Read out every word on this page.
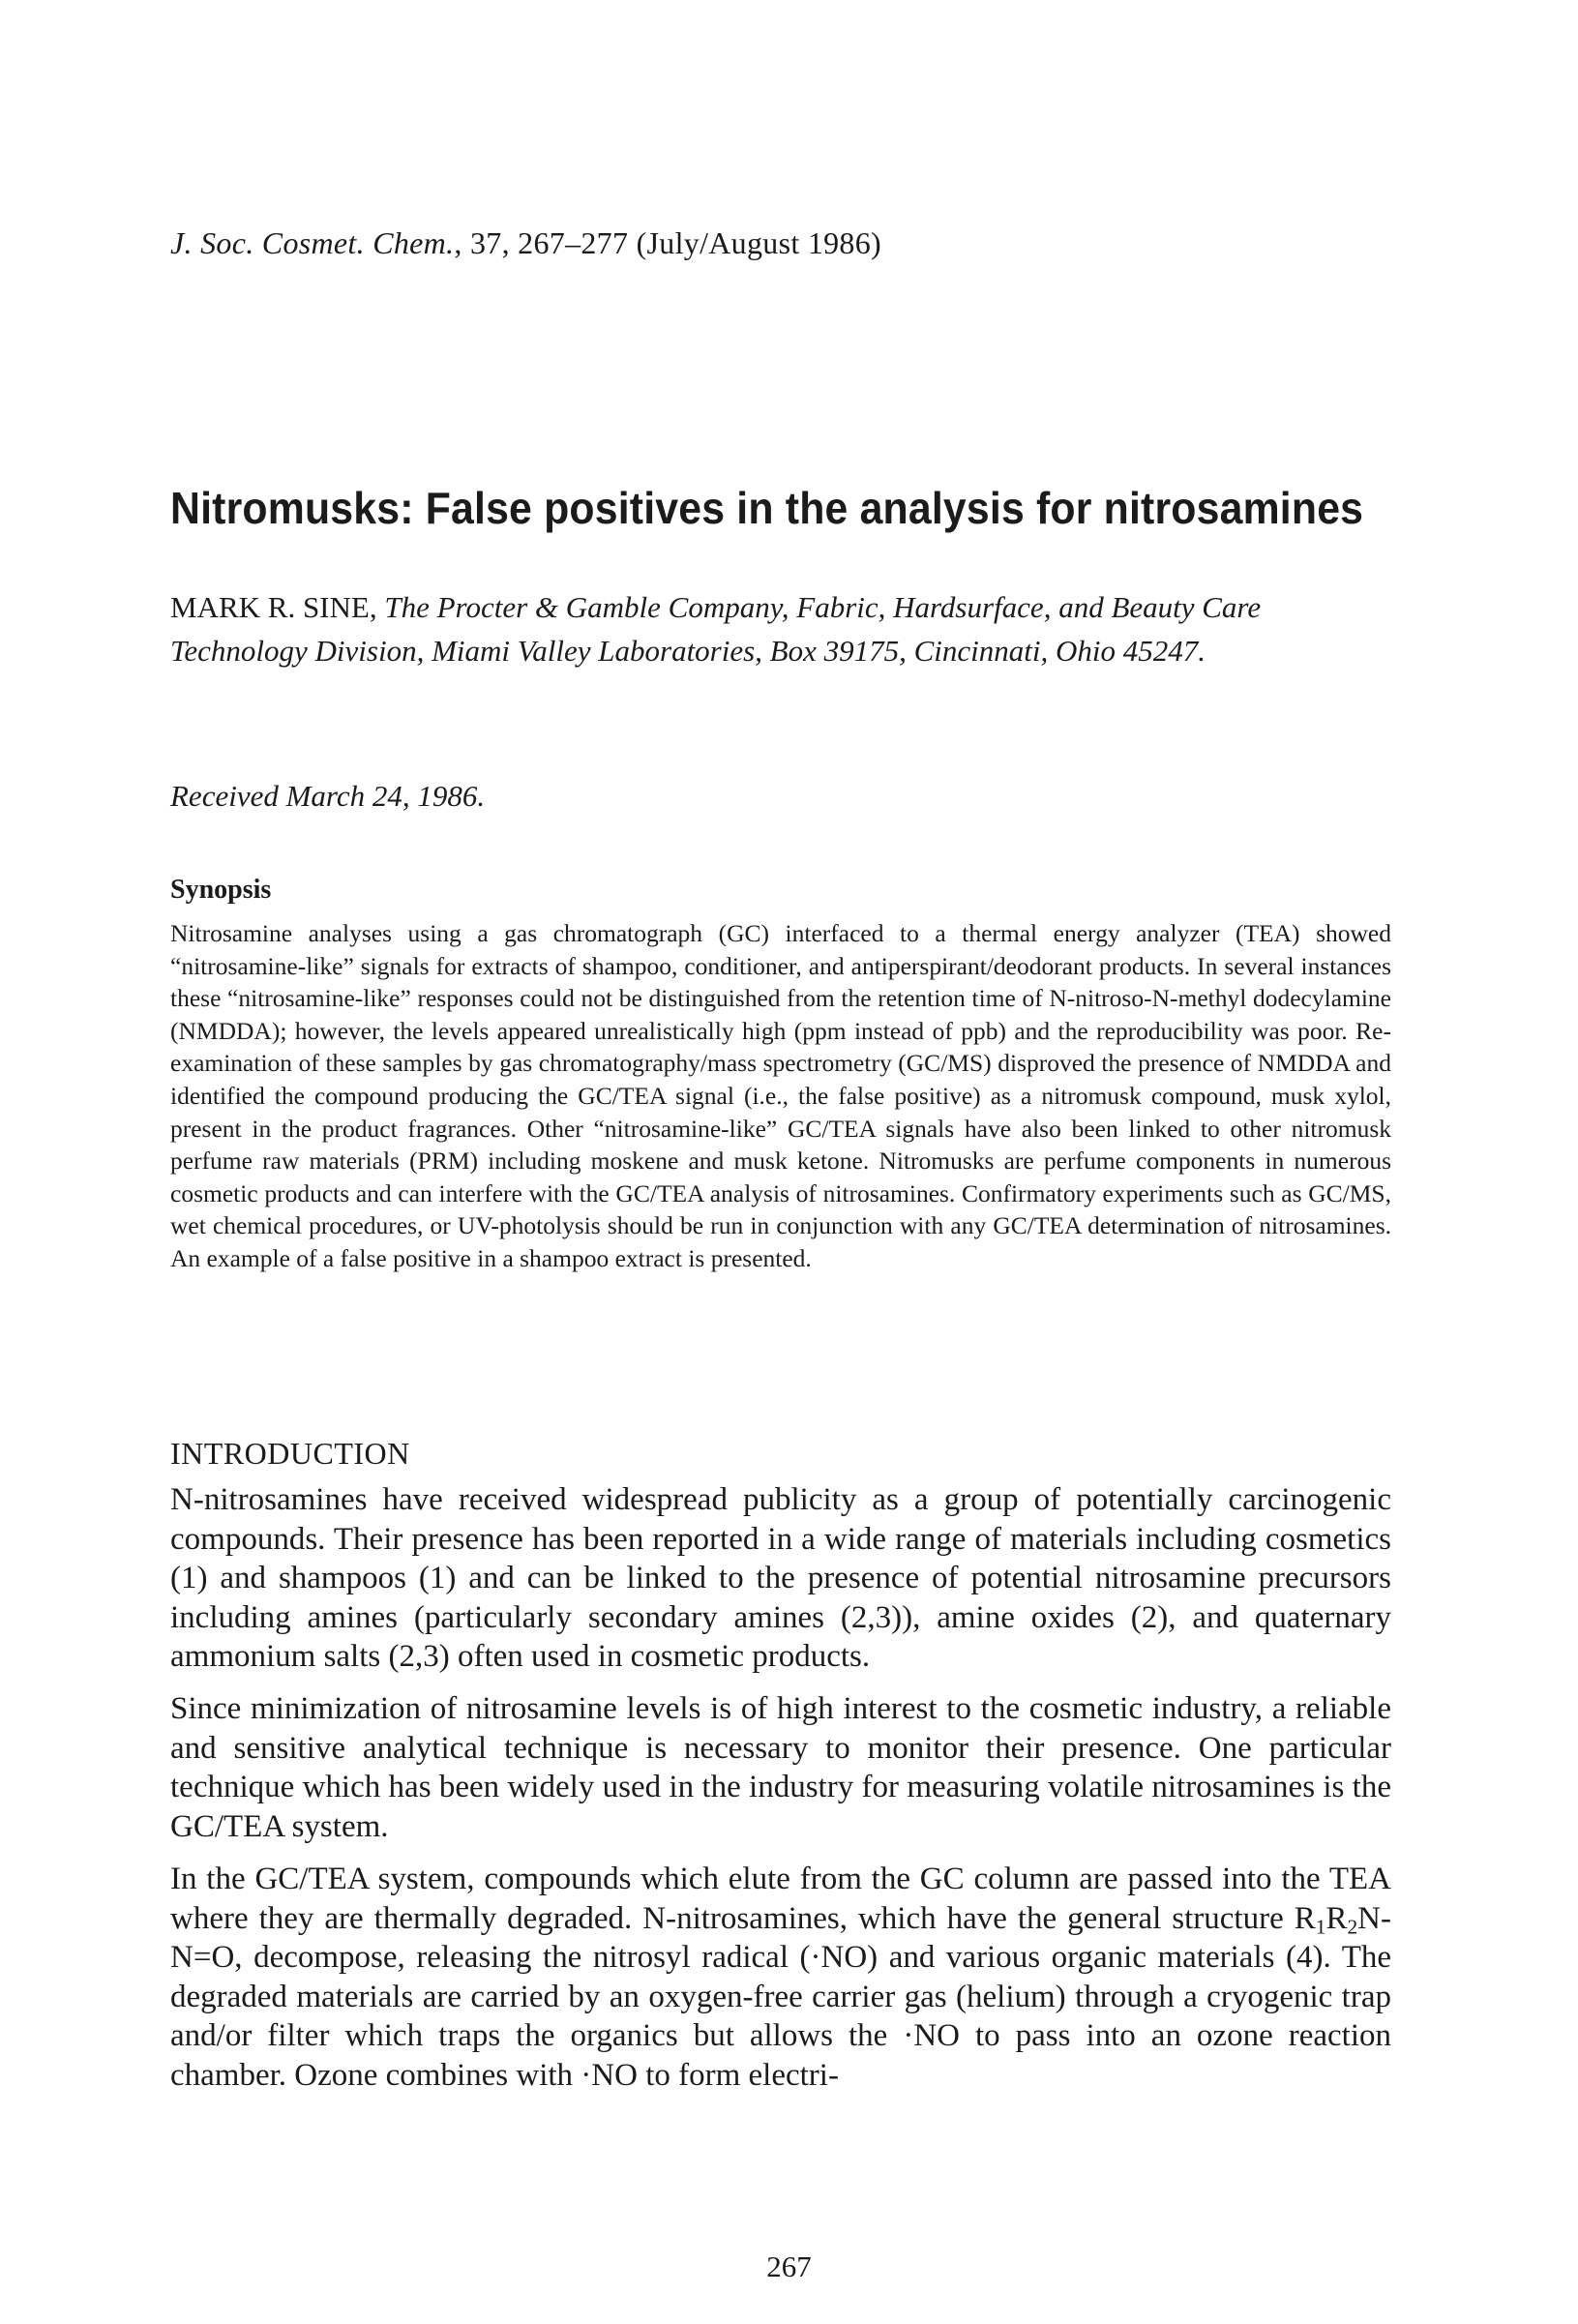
J. Soc. Cosmet. Chem., 37, 267–277 (July/August 1986)
Nitromusks: False positives in the analysis for nitrosamines
MARK R. SINE, The Procter & Gamble Company, Fabric, Hardsurface, and Beauty Care Technology Division, Miami Valley Laboratories, Box 39175, Cincinnati, Ohio 45247.
Received March 24, 1986.
Synopsis

Nitrosamine analyses using a gas chromatograph (GC) interfaced to a thermal energy analyzer (TEA) showed “nitrosamine-like” signals for extracts of shampoo, conditioner, and antiperspirant/deodorant products. In several instances these “nitrosamine-like” responses could not be distinguished from the retention time of N-nitroso-N-methyl dodecylamine (NMDDA); however, the levels appeared unrealistically high (ppm instead of ppb) and the reproducibility was poor. Re-examination of these samples by gas chromatography/mass spectrometry (GC/MS) disproved the presence of NMDDA and identified the compound producing the GC/TEA signal (i.e., the false positive) as a nitromusk compound, musk xylol, present in the product fragrances. Other “nitrosamine-like” GC/TEA signals have also been linked to other nitromusk perfume raw materials (PRM) including moskene and musk ketone. Nitromusks are perfume components in numerous cosmetic products and can interfere with the GC/TEA analysis of nitrosamines. Confirmatory experiments such as GC/MS, wet chemical procedures, or UV-photolysis should be run in conjunction with any GC/TEA determination of nitrosamines. An example of a false positive in a shampoo extract is presented.

INTRODUCTION

N-nitrosamines have received widespread publicity as a group of potentially carcinogenic compounds. Their presence has been reported in a wide range of materials including cosmetics (1) and shampoos (1) and can be linked to the presence of potential nitrosamine precursors including amines (particularly secondary amines (2,3)), amine oxides (2), and quaternary ammonium salts (2,3) often used in cosmetic products.

Since minimization of nitrosamine levels is of high interest to the cosmetic industry, a reliable and sensitive analytical technique is necessary to monitor their presence. One particular technique which has been widely used in the industry for measuring volatile nitrosamines is the GC/TEA system.

In the GC/TEA system, compounds which elute from the GC column are passed into the TEA where they are thermally degraded. N-nitrosamines, which have the general structure $R_1R_2N-N=O$, decompose, releasing the nitrosyl radical (·NO) and various organic materials (4). The degraded materials are carried by an oxygen-free carrier gas (helium) through a cryogenic trap and/or filter which traps the organics but allows the ·NO to pass into an ozone reaction chamber. Ozone combines with ·NO to form electri-

267
